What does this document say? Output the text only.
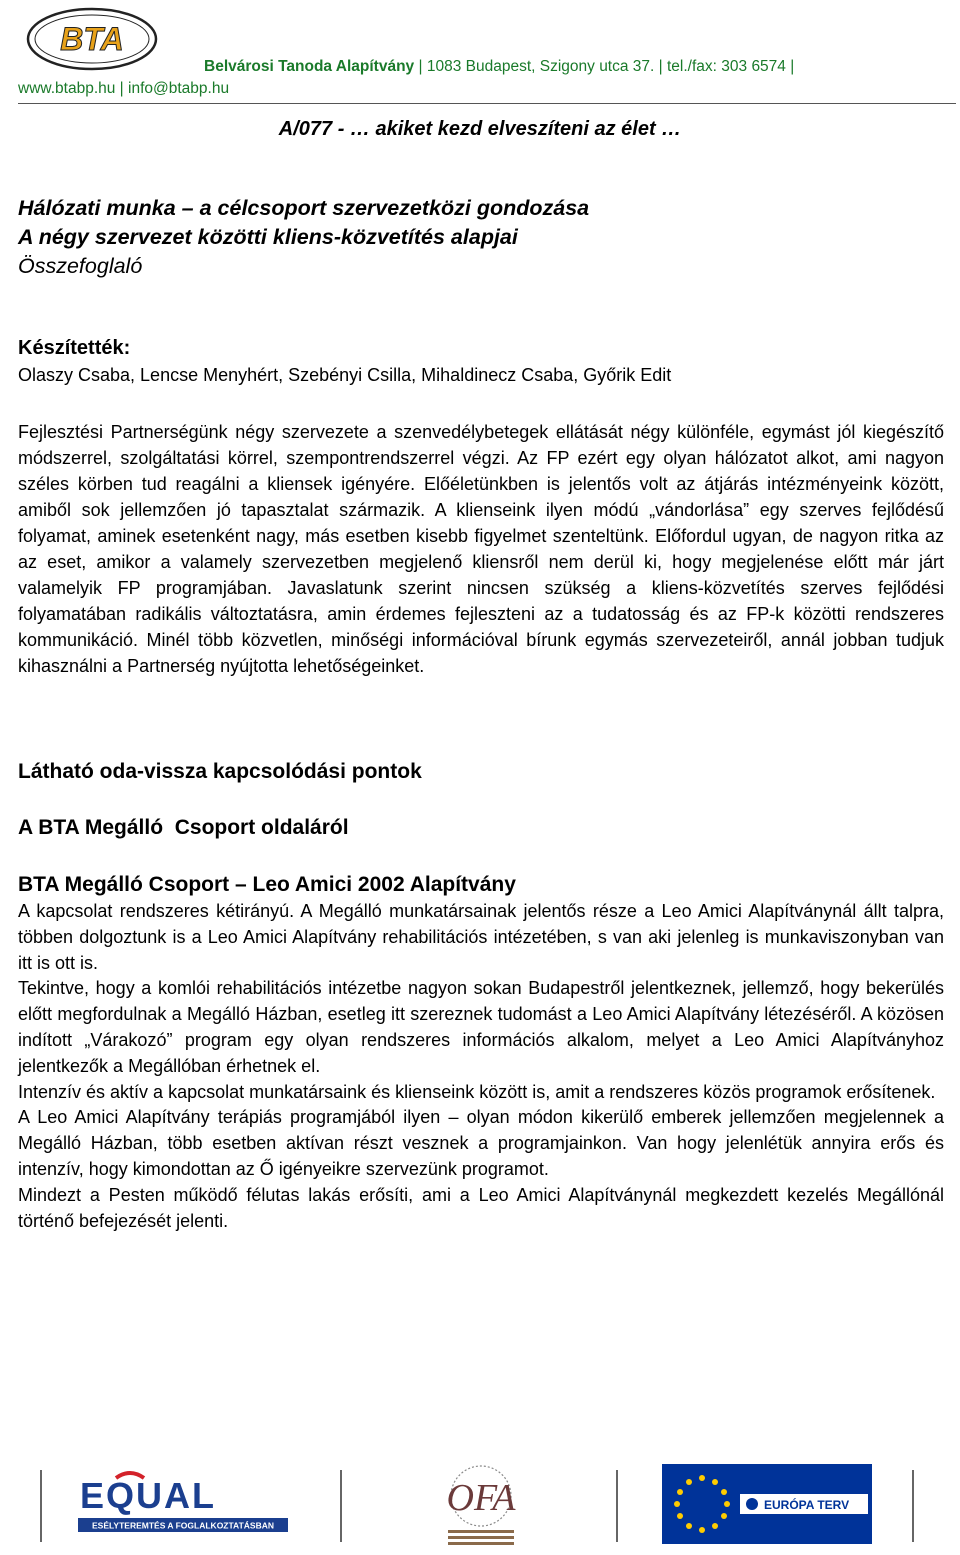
BTA
Belvárosi Tanoda Alapítvány | 1083 Budapest, Szigony utca 37. | tel./fax: 303 6574 |
www.btabp.hu | info@btabp.hu
A/077 - … akiket kezd elveszíteni az élet …
Hálózati munka – a célcsoport szervezetközi gondozása
A négy szervezet közötti kliens-közvetítés alapjai
Összefoglaló
Készítették:
Olaszy Csaba, Lencse Menyhért, Szebényi Csilla, Mihaldinecz Csaba, Győrik Edit

Fejlesztési Partnerségünk négy szervezete a szenvedélybetegek ellátását négy különféle, egymást jól kiegészítő módszerrel, szolgáltatási körrel, szempontrendszerrel végzi. Az FP ezért egy olyan hálózatot alkot, ami nagyon széles körben tud reagálni a kliensek igényére. Előéletünkben is jelentős volt az átjárás intézményeink között, amiből sok jellemzően jó tapasztalat származik. A klienseink ilyen módú „vándorlása” egy szerves fejlődésű folyamat, aminek esetenként nagy, más esetben kisebb figyelmet szenteltünk. Előfordul ugyan, de nagyon ritka az az eset, amikor a valamely szervezetben megjelenő kliensről nem derül ki, hogy megjelenése előtt már járt valamelyik FP programjában. Javaslatunk szerint nincsen szükség a kliens-közvetítés szerves fejlődési folyamatában radikális változtatásra, amin érdemes fejleszteni az a tudatosság és az FP-k közötti rendszeres kommunikáció. Minél több közvetlen, minőségi információval bírunk egymás szervezeteiről, annál jobban tudjuk kihasználni a Partnerség nyújtotta lehetőségeinket.

Látható oda-vissza kapcsolódási pontok
A BTA Megálló  Csoport oldaláról
BTA Megálló Csoport – Leo Amici 2002 Alapítvány

A kapcsolat rendszeres kétirányú. A Megálló munkatársainak jelentős része a Leo Amici Alapítványnál állt talpra, többen dolgoztunk is a Leo Amici Alapítvány rehabilitációs intézetében, s van aki jelenleg is munkaviszonyban van itt is ott is.

Tekintve, hogy a komlói rehabilitációs intézetbe nagyon sokan Budapestről jelentkeznek, jellemző, hogy bekerülés előtt megfordulnak a Megálló Házban, esetleg itt szereznek tudomást a Leo Amici Alapítvány létezéséről. A közösen indított „Várakozó” program egy olyan rendszeres információs alkalom, melyet a Leo Amici Alapítványhoz jelentkezők a Megállóban érhetnek el.

Intenzív és aktív a kapcsolat munkatársaink és klienseink között is, amit a rendszeres közös programok erősítenek.

A Leo Amici Alapítvány terápiás programjából ilyen – olyan módon kikerülő emberek jellemzően megjelennek a Megálló Házban, több esetben aktívan részt vesznek a programjainkon. Van hogy jelenlétük annyira erős és intenzív, hogy kimondottan az Ő igényeikre szervezünk programot.

Mindezt a Pesten működő félutas lakás erősíti, ami a Leo Amici Alapítványnál megkezdett kezelés Megállónál történő befejezését jelenti.

EQUAL
ESÉLYTEREMTÉS A FOGLALKOZTATÁSBAN
OFA	EURÓPA TERV
